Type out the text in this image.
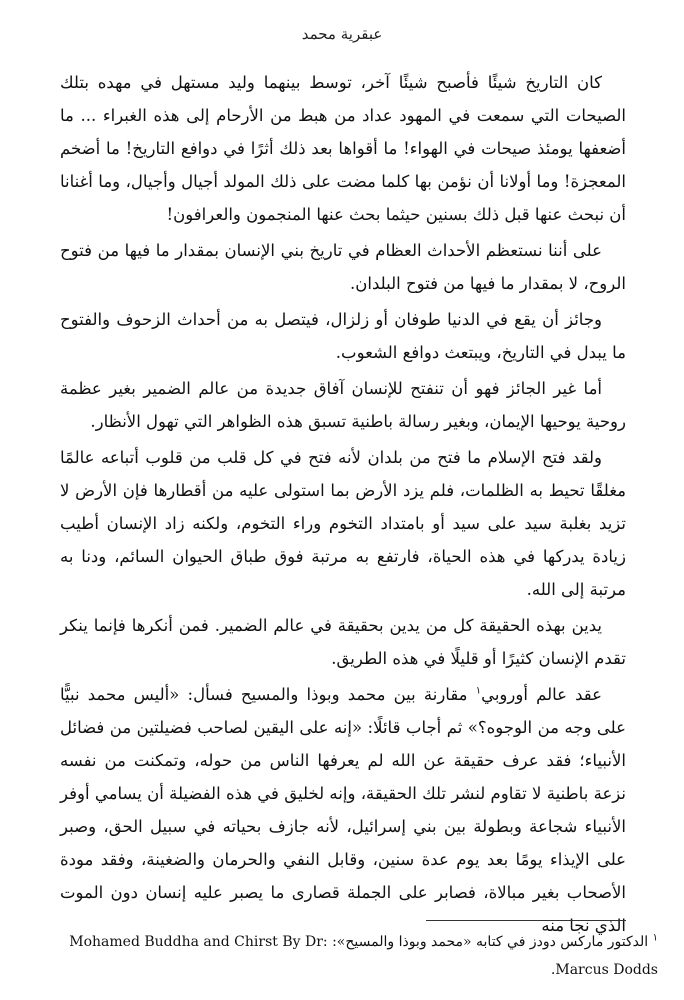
عبقرية محمد

كان التاريخ شيئًا فأصبح شيئًا آخر، توسط بينهما وليد مستهل في مهده بتلك الصيحات التي سمعت في المهود عداد من هبط من الأرحام إلى هذه الغبراء ... ما أضعفها يومئذ صيحات في الهواء! ما أقواها بعد ذلك أثرًا في دوافع التاريخ! ما أضخم المعجزة! وما أولانا أن نؤمن بها كلما مضت على ذلك المولد أجيال وأجيال، وما أغنانا أن نبحث عنها قبل ذلك بسنين حيثما بحث عنها المنجمون والعرافون!

على أننا نستعظم الأحداث العظام في تاريخ بني الإنسان بمقدار ما فيها من فتوح الروح، لا بمقدار ما فيها من فتوح البلدان.

وجائز أن يقع في الدنيا طوفان أو زلزال، فيتصل به من أحداث الزحوف والفتوح ما يبدل في التاريخ، ويبتعث دوافع الشعوب.

أما غير الجائز فهو أن تنفتح للإنسان آفاق جديدة من عالم الضمير بغير عظمة روحية يوحيها الإيمان، وبغير رسالة باطنية تسبق هذه الظواهر التي تهول الأنظار.

ولقد فتح الإسلام ما فتح من بلدان لأنه فتح في كل قلب من قلوب أتباعه عالمًا مغلقًا تحيط به الظلمات، فلم يزد الأرض بما استولى عليه من أقطارها فإن الأرض لا تزيد بغلبة سيد على سيد أو بامتداد التخوم وراء التخوم، ولكنه زاد الإنسان أطيب زيادة يدركها في هذه الحياة، فارتفع به مرتبة فوق طباق الحيوان السائم، ودنا به مرتبة إلى الله.

يدين بهذه الحقيقة كل من يدين بحقيقة في عالم الضمير. فمن أنكرها فإنما ينكر تقدم الإنسان كثيرًا أو قليلًا في هذه الطريق.

عقد عالم أوروبي$^١$ مقارنة بين محمد وبوذا والمسيح فسأل: «أليس محمد نبيًّا على وجه من الوجوه؟» ثم أجاب قائلًا: «إنه على اليقين لصاحب فضيلتين من فضائل الأنبياء؛ فقد عرف حقيقة عن الله لم يعرفها الناس من حوله، وتمكنت من نفسه نزعة باطنية لا تقاوم لنشر تلك الحقيقة، وإنه لخليق في هذه الفضيلة أن يسامي أوفر الأنبياء شجاعة وبطولة بين بني إسرائيل، لأنه جازف بحياته في سبيل الحق، وصبر على الإيذاء يومًا بعد يوم عدة سنين، وقابل النفي والحرمان والضغينة، وفقد مودة الأصحاب بغير مبالاة، فصابر على الجملة قصارى ما يصبر عليه إنسان دون الموت الذي نجا منه

$^١$ الدكتور ماركس دودز في كتابه «محمد وبوذا والمسيح»: Mohamed Buddha and Chirst By Dr: Marcus Dodds.
